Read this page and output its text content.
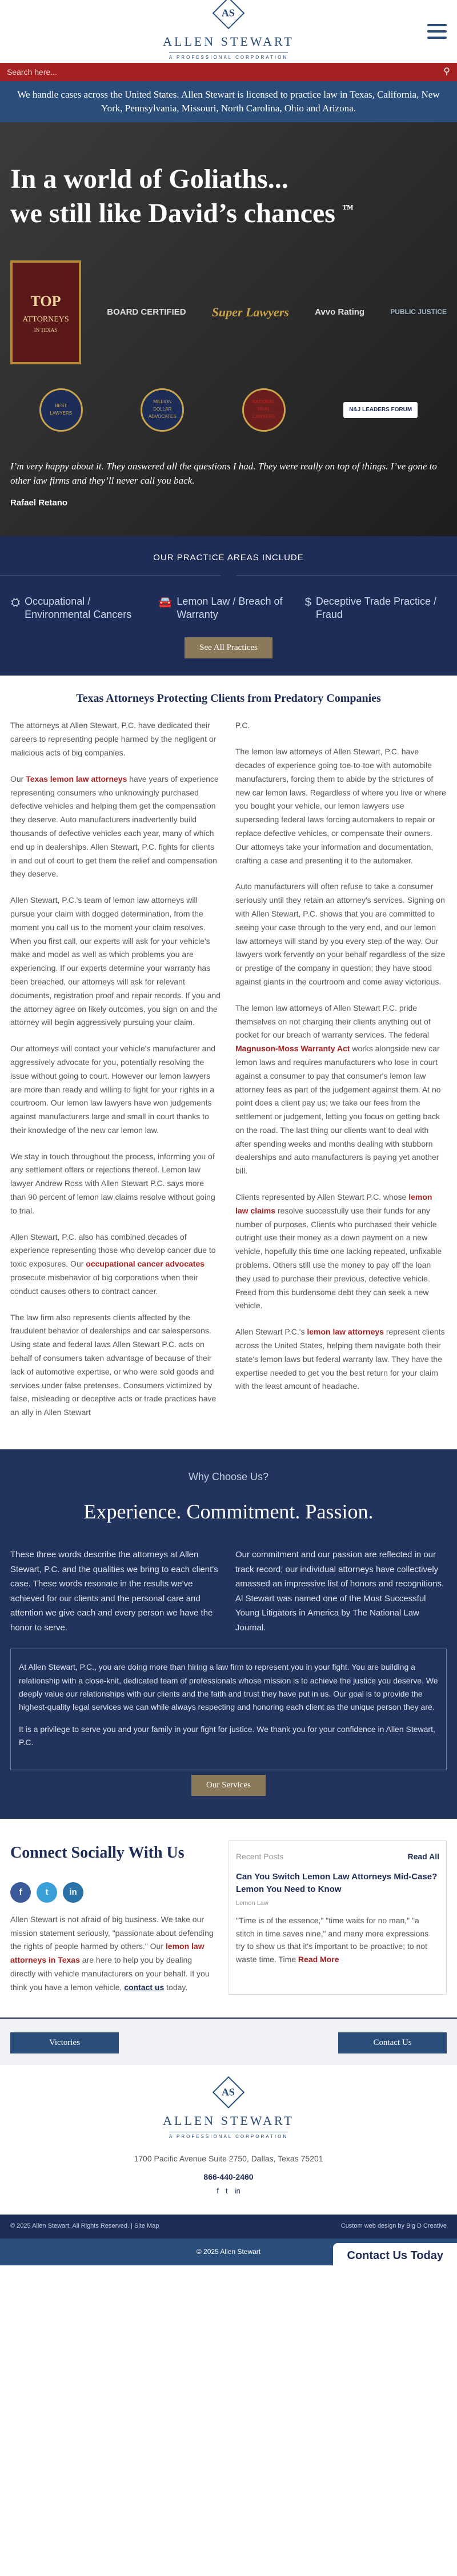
AS
ALLEN STEWART
A PROFESSIONAL CORPORATION
Search here...
⚲
We handle cases across the United States. Allen Stewart is licensed to practice law in Texas, California, New York, Pennsylvania, Missouri, North Carolina, Ohio and Arizona.
In a world of Goliaths...
we still like David’s chances ™
TOP
ATTORNEYS
IN TEXAS
BOARD CERTIFIED Super Lawyers	Avvo Rating	PUBLIC JUSTICE
BEST LAWYERS
MILLION DOLLAR ADVOCATES
NATIONAL TRIAL LAWYERS
N&J LEADERS FORUM

I’m very happy about it. They answered all the questions I had. They were really on top of things. I’ve gone to other law firms and they’ll never call you back.

Rafael Retano

OUR PRACTICE AREAS INCLUDE
⛭ Occupational / Environmental Cancers
🚘 Lemon Law / Breach of Warranty
$ Deceptive Trade Practice / Fraud
See All Practices
Texas Attorneys Protecting Clients from Predatory Companies

The attorneys at Allen Stewart, P.C. have dedicated their careers to representing people harmed by the negligent or malicious acts of big companies.

Our Texas lemon law attorneys have years of experience representing consumers who unknowingly purchased defective vehicles and helping them get the compensation they deserve. Auto manufacturers inadvertently build thousands of defective vehicles each year, many of which end up in dealerships. Allen Stewart, P.C. fights for clients in and out of court to get them the relief and compensation they deserve.

Allen Stewart, P.C.'s team of lemon law attorneys will pursue your claim with dogged determination, from the moment you call us to the moment your claim resolves. When you first call, our experts will ask for your vehicle's make and model as well as which problems you are experiencing. If our experts determine your warranty has been breached, our attorneys will ask for relevant documents, registration proof and repair records. If you and the attorney agree on likely outcomes, you sign on and the attorney will begin aggressively pursuing your claim.

Our attorneys will contact your vehicle's manufacturer and aggressively advocate for you, potentially resolving the issue without going to court. However our lemon lawyers are more than ready and willing to fight for your rights in a courtroom. Our lemon law lawyers have won judgements against manufacturers large and small in court thanks to their knowledge of the new car lemon law.

We stay in touch throughout the process, informing you of any settlement offers or rejections thereof. Lemon law lawyer Andrew Ross with Allen Stewart P.C. says more than 90 percent of lemon law claims resolve without going to trial.

Allen Stewart, P.C. also has combined decades of experience representing those who develop cancer due to toxic exposures. Our occupational cancer advocates prosecute misbehavior of big corporations when their conduct causes others to contract cancer.

The law firm also represents clients affected by the fraudulent behavior of dealerships and car salespersons. Using state and federal laws Allen Stewart P.C. acts on behalf of consumers taken advantage of because of their lack of automotive expertise, or who were sold goods and services under false pretenses. Consumers victimized by false, misleading or deceptive acts or trade practices have an ally in Allen Stewart

P.C.

The lemon law attorneys of Allen Stewart, P.C. have decades of experience going toe-to-toe with automobile manufacturers, forcing them to abide by the strictures of new car lemon laws. Regardless of where you live or where you bought your vehicle, our lemon lawyers use superseding federal laws forcing automakers to repair or replace defective vehicles, or compensate their owners. Our attorneys take your information and documentation, crafting a case and presenting it to the automaker.

Auto manufacturers will often refuse to take a consumer seriously until they retain an attorney's services. Signing on with Allen Stewart, P.C. shows that you are committed to seeing your case through to the very end, and our lemon law attorneys will stand by you every step of the way. Our lawyers work fervently on your behalf regardless of the size or prestige of the company in question; they have stood against giants in the courtroom and come away victorious.

The lemon law attorneys of Allen Stewart P.C. pride themselves on not charging their clients anything out of pocket for our breach of warranty services. The federal Magnuson-Moss Warranty Act works alongside new car lemon laws and requires manufacturers who lose in court against a consumer to pay that consumer's lemon law attorney fees as part of the judgement against them. At no point does a client pay us; we take our fees from the settlement or judgement, letting you focus on getting back on the road. The last thing our clients want to deal with after spending weeks and months dealing with stubborn dealerships and auto manufacturers is paying yet another bill.

Clients represented by Allen Stewart P.C. whose lemon law claims resolve successfully use their funds for any number of purposes. Clients who purchased their vehicle outright use their money as a down payment on a new vehicle, hopefully this time one lacking repeated, unfixable problems. Others still use the money to pay off the loan they used to purchase their previous, defective vehicle. Freed from this burdensome debt they can seek a new vehicle.

Allen Stewart P.C.'s lemon law attorneys represent clients across the United States, helping them navigate both their state's lemon laws but federal warranty law. They have the expertise needed to get you the best return for your claim with the least amount of headache.

Why Choose Us?
Experience. Commitment. Passion.

These three words describe the attorneys at Allen Stewart, P.C. and the qualities we bring to each client's case. These words resonate in the results we've achieved for our clients and the personal care and attention we give each and every person we have the honor to serve.

Our commitment and our passion are reflected in our track record; our individual attorneys have collectively amassed an impressive list of honors and recognitions. Al Stewart was named one of the Most Successful Young Litigators in America by The National Law Journal.

At Allen Stewart, P.C., you are doing more than hiring a law firm to represent you in your fight. You are building a relationship with a close-knit, dedicated team of professionals whose mission is to achieve the justice you deserve. We deeply value our relationships with our clients and the faith and trust they have put in us. Our goal is to provide the highest-quality legal services we can while always respecting and honoring each client as the unique person they are.

It is a privilege to serve you and your family in your fight for justice. We thank you for your confidence in Allen Stewart, P.C.

Our Services
Connect Socially With Us
f	t	in

Allen Stewart is not afraid of big business. We take our mission statement seriously, "passionate about defending the rights of people harmed by others." Our lemon law attorneys in Texas are here to help you by dealing directly with vehicle manufacturers on your behalf. If you think you have a lemon vehicle, contact us today.

Recent Posts	Read All
Can You Switch Lemon Law Attorneys Mid-Case? Lemon You Need to Know
Lemon Law

"Time is of the essence," "time waits for no man," "a stitch in time saves nine," and many more expressions try to show us that it's important to be proactive; to not waste time. Time Read More

Victories	Contact Us
AS
ALLEN STEWART
A PROFESSIONAL CORPORATION
1700 Pacific Avenue Suite 2750, Dallas, Texas 75201
866-440-2460
f t in
© 2025 Allen Stewart. All Rights Reserved. | Site Map	Custom web design by Big D Creative
© 2025 Allen Stewart	Contact Us Today
